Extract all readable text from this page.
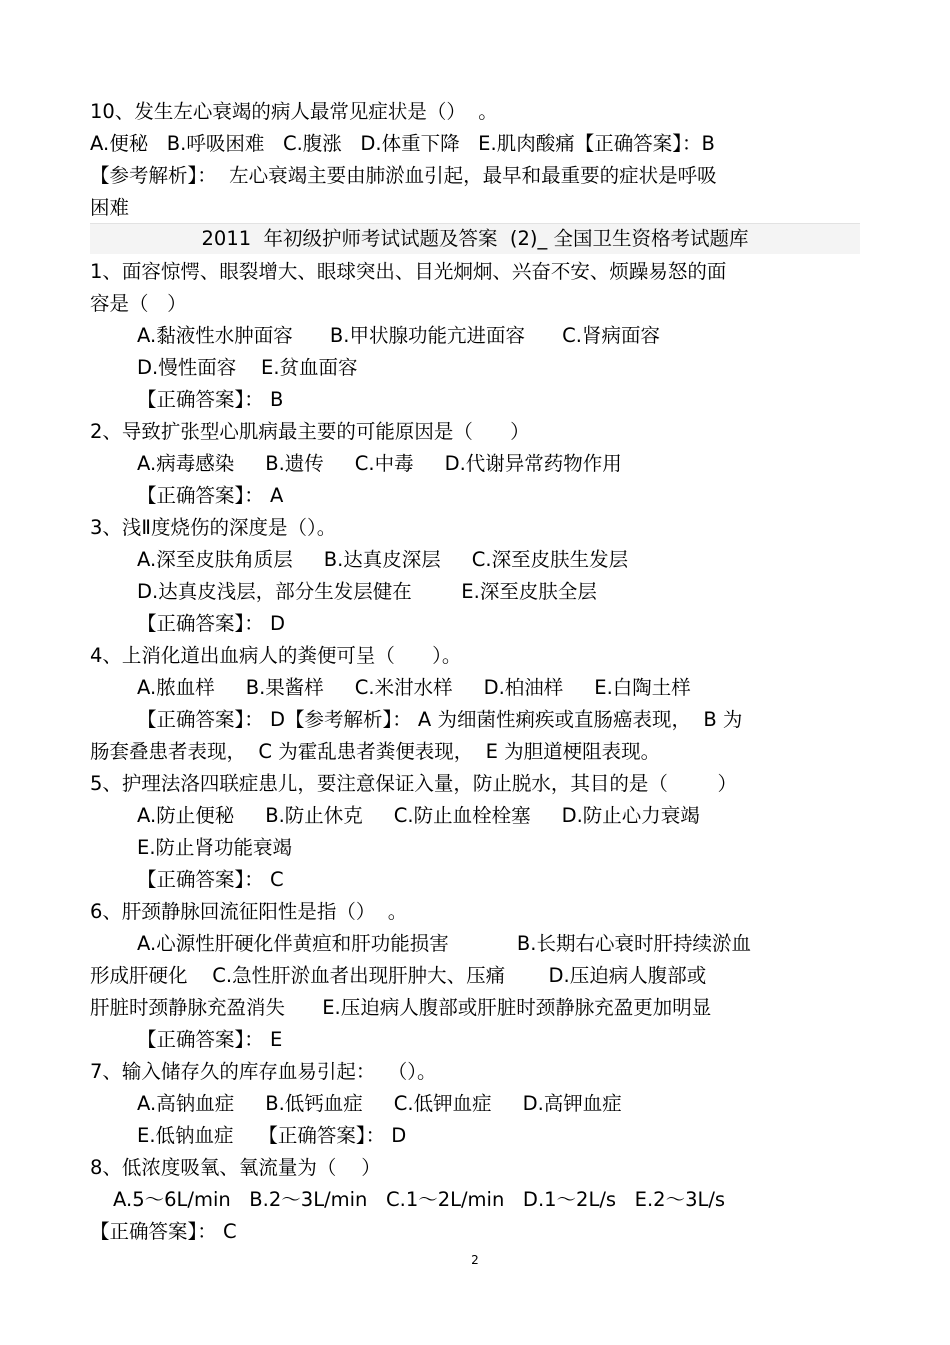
2011  年初级护师考试试题及答案  (2)_ 全国卫生资格考试题库
10、发生左心衰竭的病人最常见症状是（）  。
A.便秘   B.呼吸困难   C.腹涨   D.体重下降   E.肌肉酸痛【正确答案】：B
【参考解析】：  左心衰竭主要由肺淤血引起，最早和最重要的症状是呼吸
困难
1、面容惊愕、眼裂增大、眼球突出、目光炯炯、兴奋不安、烦躁易怒的面
容是（   ）
A.黏液性水肿面容      B.甲状腺功能亢进面容      C.肾病面容
D.慢性面容    E.贫血面容
【正确答案】： B
2、导致扩张型心肌病最主要的可能原因是（      ）
A.病毒感染     B.遗传     C.中毒     D.代谢异常药物作用
【正确答案】： A
3、浅Ⅱ度烧伤的深度是（）。
A.深至皮肤角质层     B.达真皮深层     C.深至皮肤生发层
D.达真皮浅层，部分生发层健在        E.深至皮肤全层
【正确答案】： D
4、上消化道出血病人的粪便可呈（      ）。
A.脓血样     B.果酱样     C.米泔水样     D.柏油样     E.白陶土样
【正确答案】： D【参考解析】： A 为细菌性痢疾或直肠癌表现，  B 为
肠套叠患者表现，  C 为霍乱患者粪便表现，  E 为胆道梗阻表现。
5、护理法洛四联症患儿，要注意保证入量，防止脱水，其目的是（        ）
A.防止便秘     B.防止休克     C.防止血栓栓塞     D.防止心力衰竭
E.防止肾功能衰竭
【正确答案】： C
6、肝颈静脉回流征阳性是指（）  。
A.心源性肝硬化伴黄疸和肝功能损害           B.长期右心衰时肝持续淤血
形成肝硬化    C.急性肝淤血者出现肝肿大、压痛       D.压迫病人腹部或
肝脏时颈静脉充盈消失      E.压迫病人腹部或肝脏时颈静脉充盈更加明显
【正确答案】： E
7、输入储存久的库存血易引起：  （）。
A.高钠血症     B.低钙血症     C.低钾血症     D.高钾血症
E.低钠血症    【正确答案】： D
8、低浓度吸氧、氧流量为（    ）
A.5～6L/min   B.2～3L/min   C.1～2L/min   D.1～2L/s   E.2～3L/s
【正确答案】： C
2
